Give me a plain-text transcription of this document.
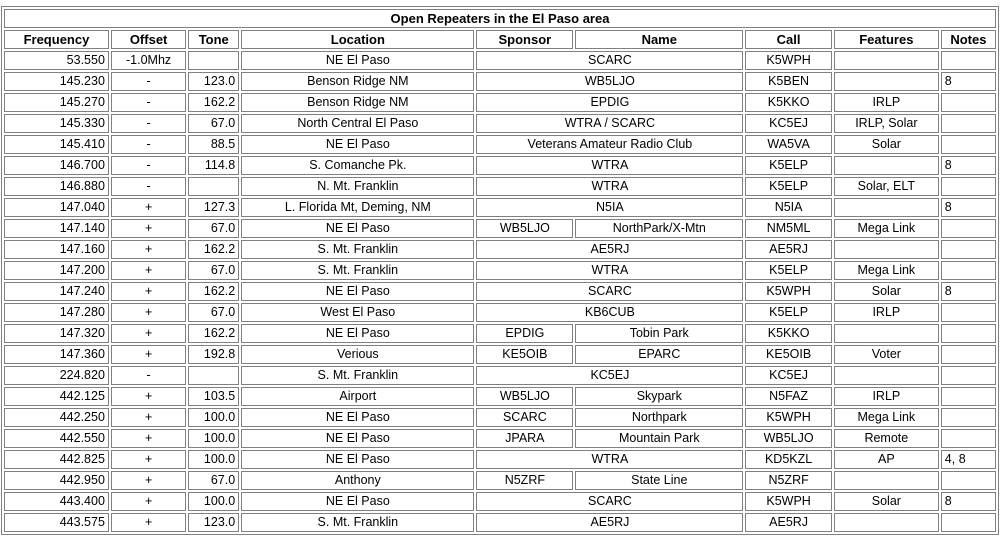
Open Repeaters in the El Paso area								
Frequency	Offset	Tone	Location	Sponsor	Name	Call	Features	Notes
53.550	-1.0Mhz		NE El Paso	SCARC		K5WPH		
145.230	-	123.0	Benson Ridge NM	WB5LJO		K5BEN		8
145.270	-	162.2	Benson Ridge NM	EPDIG		K5KKO	IRLP	
145.330	-	67.0	North Central El Paso	WTRA / SCARC		KC5EJ	IRLP, Solar	
145.410	-	88.5	NE El Paso	Veterans Amateur Radio Club		WA5VA	Solar	
146.700	-	114.8	S. Comanche Pk.	WTRA		K5ELP		8
146.880	-		N. Mt. Franklin	WTRA		K5ELP	Solar, ELT	
147.040	+	127.3	L. Florida Mt, Deming, NM	N5IA		N5IA		8
147.140	+	67.0	NE El Paso	WB5LJO	NorthPark/X-Mtn	NM5ML	Mega Link	
147.160	+	162.2	S. Mt. Franklin	AE5RJ		AE5RJ		
147.200	+	67.0	S. Mt. Franklin	WTRA		K5ELP	Mega Link	
147.240	+	162.2	NE El Paso	SCARC		K5WPH	Solar	8
147.280	+	67.0	West El Paso	KB6CUB		K5ELP	IRLP	
147.320	+	162.2	NE El Paso	EPDIG	Tobin Park	K5KKO		
147.360	+	192.8	Verious	KE5OIB	EPARC	KE5OIB	Voter	
224.820	-		S. Mt. Franklin	KC5EJ		KC5EJ		
442.125	+	103.5	Airport	WB5LJO	Skypark	N5FAZ	IRLP	
442.250	+	100.0	NE El Paso	SCARC	Northpark	K5WPH	Mega Link	
442.550	+	100.0	NE El Paso	JPARA	Mountain Park	WB5LJO	Remote	
442.825	+	100.0	NE El Paso	WTRA		KD5KZL	AP	4, 8
442.950	+	67.0	Anthony	N5ZRF	State Line	N5ZRF		
443.400	+	100.0	NE El Paso	SCARC		K5WPH	Solar	8
443.575	+	123.0	S. Mt. Franklin	AE5RJ		AE5RJ		
